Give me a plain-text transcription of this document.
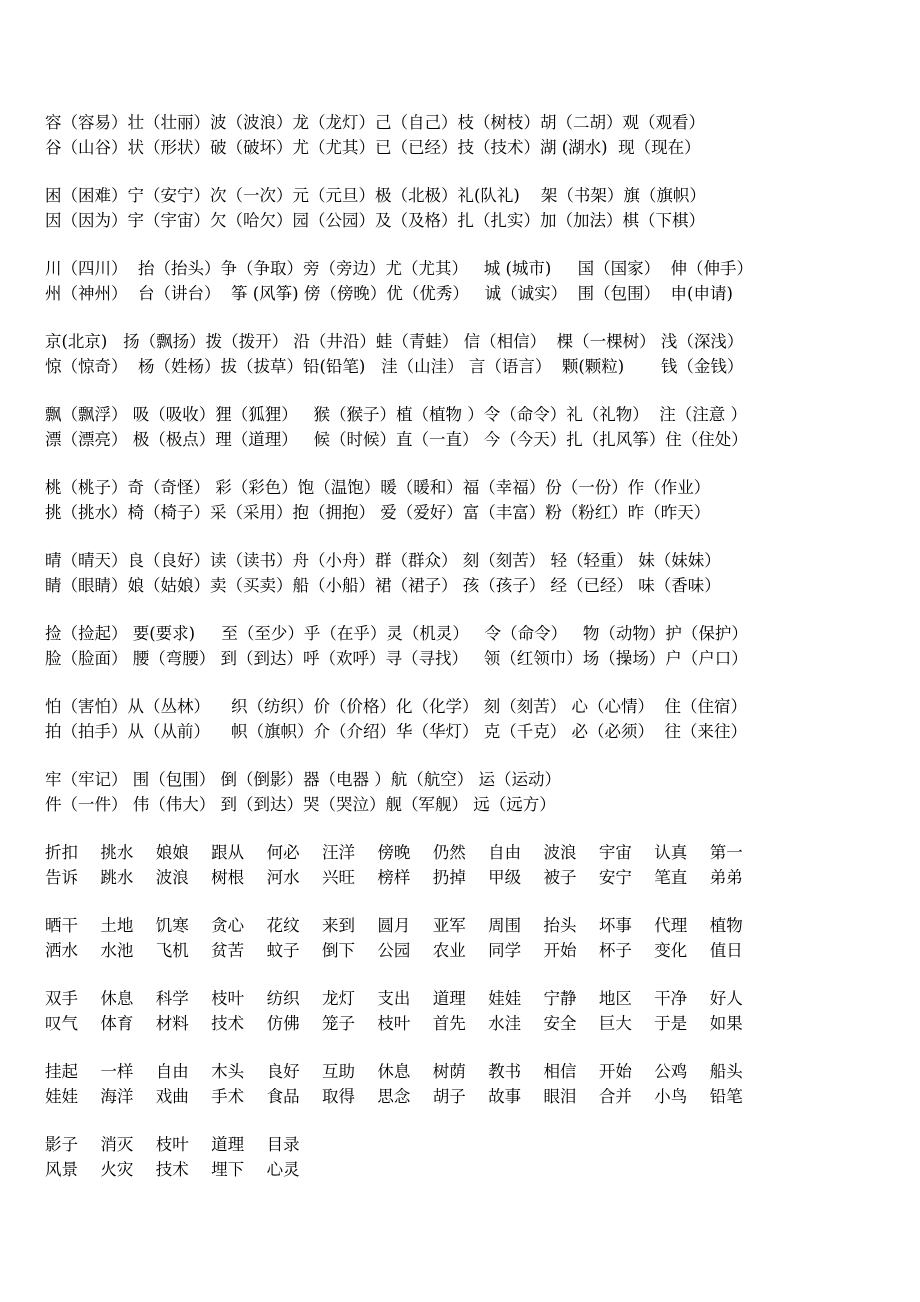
容（容易）壮（壮丽）波（波浪）龙（龙灯）己（自己）枝（树枝）胡（二胡）观（观看）
谷（山谷）状（形状）破（破坏）尤（尤其）已（已经）技（技术）湖 (湖水)  现（现在）
困（困难）宁（安宁）次（一次）元（元旦）极（北极）礼(队礼)    架（书架）旗（旗帜）
因（因为）宇（宇宙）欠（哈欠）园（公园）及（及格）扎（扎实）加（加法）棋（下棋）
川（四川）  抬（抬头）争（争取）旁（旁边）尤（尤其）   城 (城市)     国（国家）  伸（伸手）
州（神州）  台（讲台）  筝 (风筝) 傍（傍晚）优（优秀）   诚（诚实）  围（包围）  申(申请)
京(北京)   扬（飘扬）拨（拨开） 沿（井沿）蛙（青蛙） 信（相信）  棵（一棵树） 浅（深浅）
惊（惊奇）  杨（姓杨）拔（拔草）铅(铅笔)   洼（山洼） 言（语言）  颗(颗粒)       钱（金钱）
飘（飘浮） 吸（吸收）狸（狐狸）   猴（猴子）植（植物 ）令（命令）礼（礼物）  注（注意 ）
漂（漂亮） 极（极点）理（道理）   候（时候）直（一直） 今（今天）扎（扎风筝）住（住处）
桃（桃子）奇（奇怪） 彩（彩色）饱（温饱）暖（暖和）福（幸福）份（一份）作（作业）
挑（挑水）椅（椅子）采（采用）抱（拥抱） 爱（爱好）富（丰富）粉（粉红）昨（昨天）
晴（晴天）良（良好）读（读书）舟（小舟）群（群众） 刻（刻苦） 轻（轻重） 妹（妹妹）
睛（眼睛）娘（姑娘）卖（买卖）船（小船）裙（裙子） 孩（孩子） 经（已经） 味（香味）
捡（捡起） 要(要求)     至（至少）乎（在乎）灵（机灵）   令（命令）   物（动物）护（保护）
脸（脸面） 腰（弯腰） 到（到达）呼（欢呼）寻（寻找）   领（红领巾）场（操场）户（户口）
怕（害怕）从（丛林）    织（纺织）价（价格）化（化学） 刻（刻苦） 心（心情）  住（住宿）
拍（拍手）从（从前）    帜（旗帜）介（介绍）华（华灯） 克（千克） 必（必须）  往（来往）
牢（牢记） 围（包围） 倒（倒影）器（电器 ）航（航空） 运（运动）
件（一件） 伟（伟大） 到（到达）哭（哭泣）舰（军舰） 远（远方）
折扣 挑水 娘娘 跟从 何必 汪洋 傍晚 仍然 自由 波浪 宇宙 认真 第一
告诉 跳水 波浪 树根 河水 兴旺 榜样 扔掉 甲级 被子 安宁 笔直 弟弟
晒干 土地 饥寒 贪心 花纹 来到 圆月 亚军 周围 抬头 坏事 代理 植物
洒水 水池 飞机 贫苦 蚊子 倒下 公园 农业 同学 开始 杯子 变化 值日
双手 休息 科学 枝叶 纺织 龙灯 支出 道理 娃娃 宁静 地区 干净 好人
叹气 体育 材料 技术 仿佛 笼子 枝叶 首先 水洼 安全 巨大 于是 如果
挂起 一样 自由 木头 良好 互助 休息 树荫 教书 相信 开始 公鸡 船头
娃娃 海洋 戏曲 手术 食品 取得 思念 胡子 故事 眼泪 合并 小鸟 铅笔
影子 消灭 枝叶 道理 目录
风景 火灾 技术 埋下 心灵
